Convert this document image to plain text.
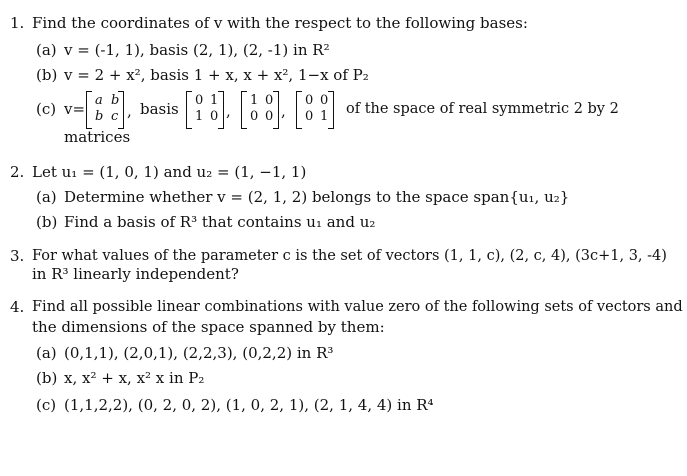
1. Find the coordinates of v with the respect to the following bases:
(a) v = (-1, 1), basis (2, 1), (2, -1) in R²
(b) v = 2 + x², basis 1 + x, x + x², 1−x of P₂
(c) v= a b
b c , basis 0 1
1 0 ,
1 0
0 0 ,
0 0
0 1 of the space of real symmetric 2 by 2
matrices
2. Let u₁ = (1, 0, 1) and u₂ = (1, −1, 1)
(a) Determine whether v = (2, 1, 2) belongs to the space span{u₁, u₂}
(b) Find a basis of R³ that contains u₁ and u₂
3. For what values of the parameter c is the set of vectors (1, 1, c), (2, c, 4), (3c+1, 3, -4)
in R³ linearly independent?
4. Find all possible linear combinations with value zero of the following sets of vectors and
the dimensions of the space spanned by them:
(a) (0,1,1), (2,0,1), (2,2,3), (0,2,2) in R³
(b) x, x² + x, x² x in P₂
(c) (1,1,2,2), (0, 2, 0, 2), (1, 0, 2, 1), (2, 1, 4, 4) in R⁴
